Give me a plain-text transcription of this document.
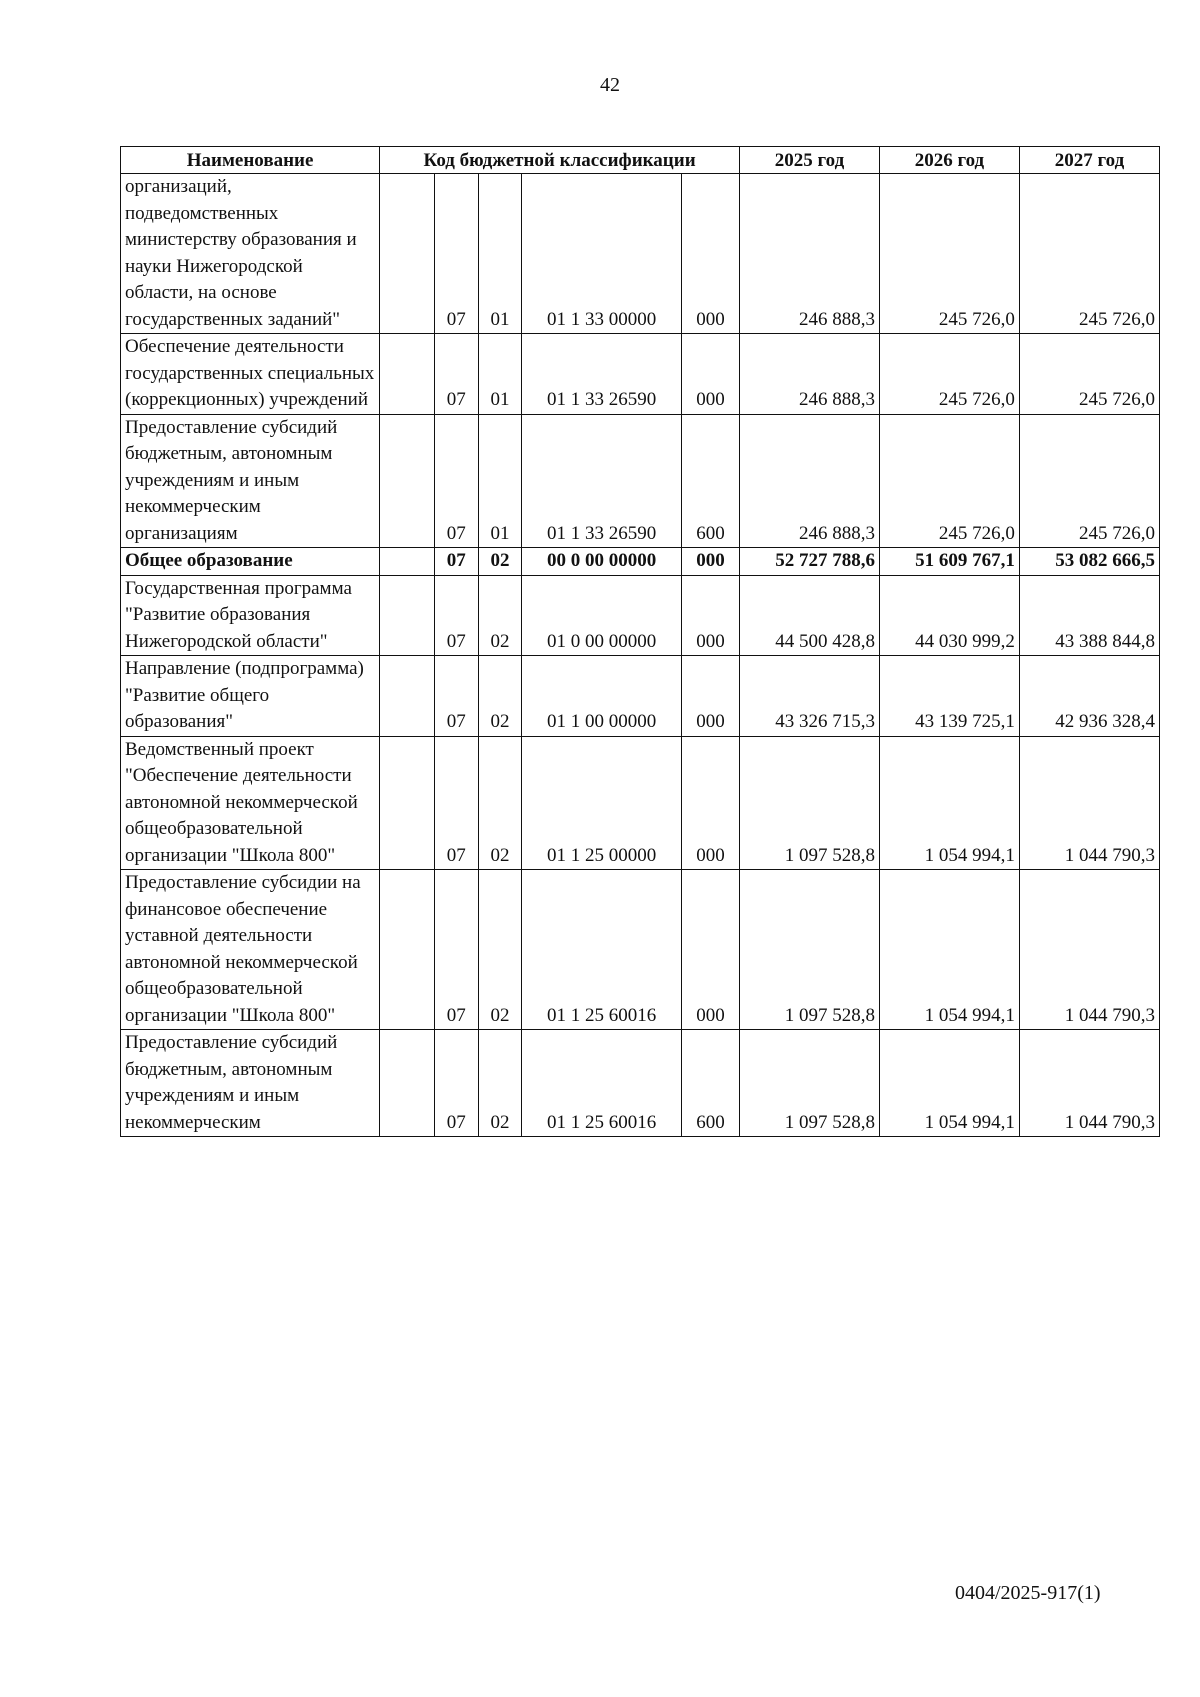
42
Наименование	Код бюджетной классификации					2025 год	2026 год	2027 год
организаций, подведомственных министерству образования и науки Нижегородской области, на основе государственных заданий"		07	01	01 1 33 00000	000	246 888,3	245 726,0	245 726,0
Обеспечение деятельности государственных специальных (коррекционных) учреждений		07	01	01 1 33 26590	000	246 888,3	245 726,0	245 726,0
Предоставление субсидий бюджетным, автономным учреждениям и иным некоммерческим организациям		07	01	01 1 33 26590	600	246 888,3	245 726,0	245 726,0
Общее образование		07	02	00 0 00 00000	000	52 727 788,6	51 609 767,1	53 082 666,5
Государственная программа "Развитие образования Нижегородской области"		07	02	01 0 00 00000	000	44 500 428,8	44 030 999,2	43 388 844,8
Направление (подпрограмма) "Развитие общего образования"		07	02	01 1 00 00000	000	43 326 715,3	43 139 725,1	42 936 328,4
Ведомственный проект "Обеспечение деятельности автономной некоммерческой общеобразовательной организации "Школа 800"		07	02	01 1 25 00000	000	1 097 528,8	1 054 994,1	1 044 790,3
Предоставление субсидии на финансовое обеспечение уставной деятельности автономной некоммерческой общеобразовательной организации "Школа 800"		07	02	01 1 25 60016	000	1 097 528,8	1 054 994,1	1 044 790,3
Предоставление субсидий бюджетным, автономным учреждениям и иным некоммерческим		07	02	01 1 25 60016	600	1 097 528,8	1 054 994,1	1 044 790,3
0404/2025-917(1)
